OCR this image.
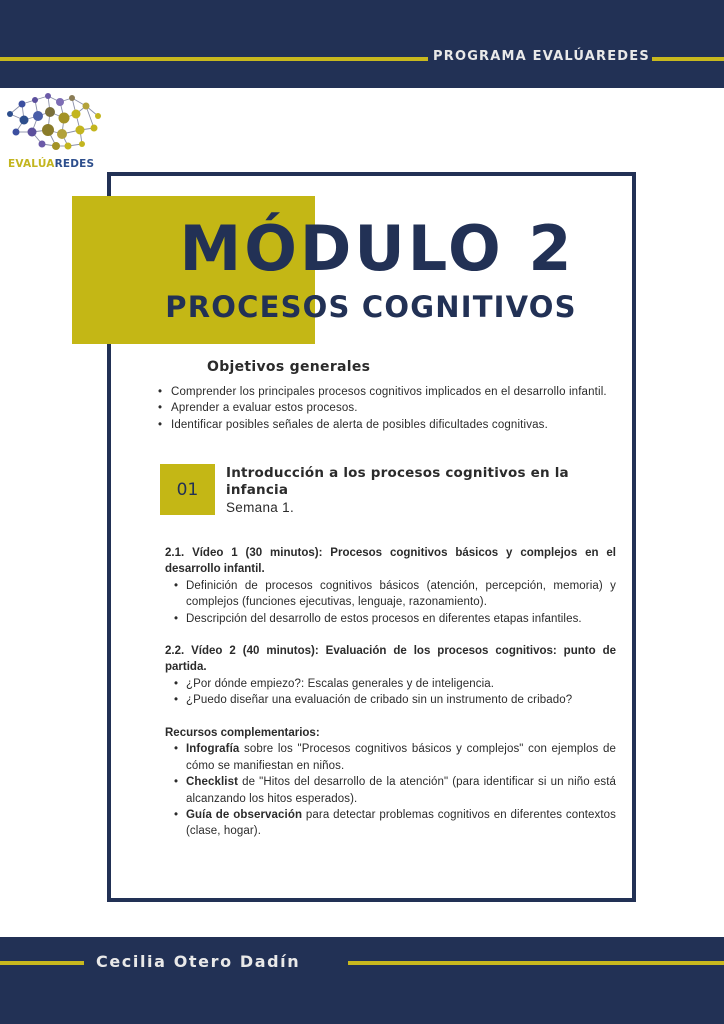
PROGRAMA EVALÚAREDES
EVALÚAREDES
MÓDULO 2
PROCESOS COGNITIVOS
Objetivos generales
• Comprender los principales procesos cognitivos implicados en el desarrollo infantil.
• Aprender a evaluar estos procesos.
• Identificar posibles señales de alerta de posibles dificultades cognitivas.
01
Introducción a los procesos cognitivos en la infancia
Semana 1.
2.1. Vídeo 1 (30 minutos): Procesos cognitivos básicos y complejos en el desarrollo infantil.
• Definición de procesos cognitivos básicos (atención, percepción, memoria) y complejos (funciones ejecutivas, lenguaje, razonamiento).
• Descripción del desarrollo de estos procesos en diferentes etapas infantiles.
2.2. Vídeo 2 (40 minutos): Evaluación de los procesos cognitivos: punto de partida.
• ¿Por dónde empiezo?: Escalas generales y de inteligencia.
• ¿Puedo diseñar una evaluación de cribado sin un instrumento de cribado?
Recursos complementarios:
• Infografía sobre los "Procesos cognitivos básicos y complejos" con ejemplos de cómo se manifiestan en niños.
• Checklist de "Hitos del desarrollo de la atención" (para identificar si un niño está alcanzando los hitos esperados).
• Guía de observación para detectar problemas cognitivos en diferentes contextos (clase, hogar).
Cecilia Otero Dadín
